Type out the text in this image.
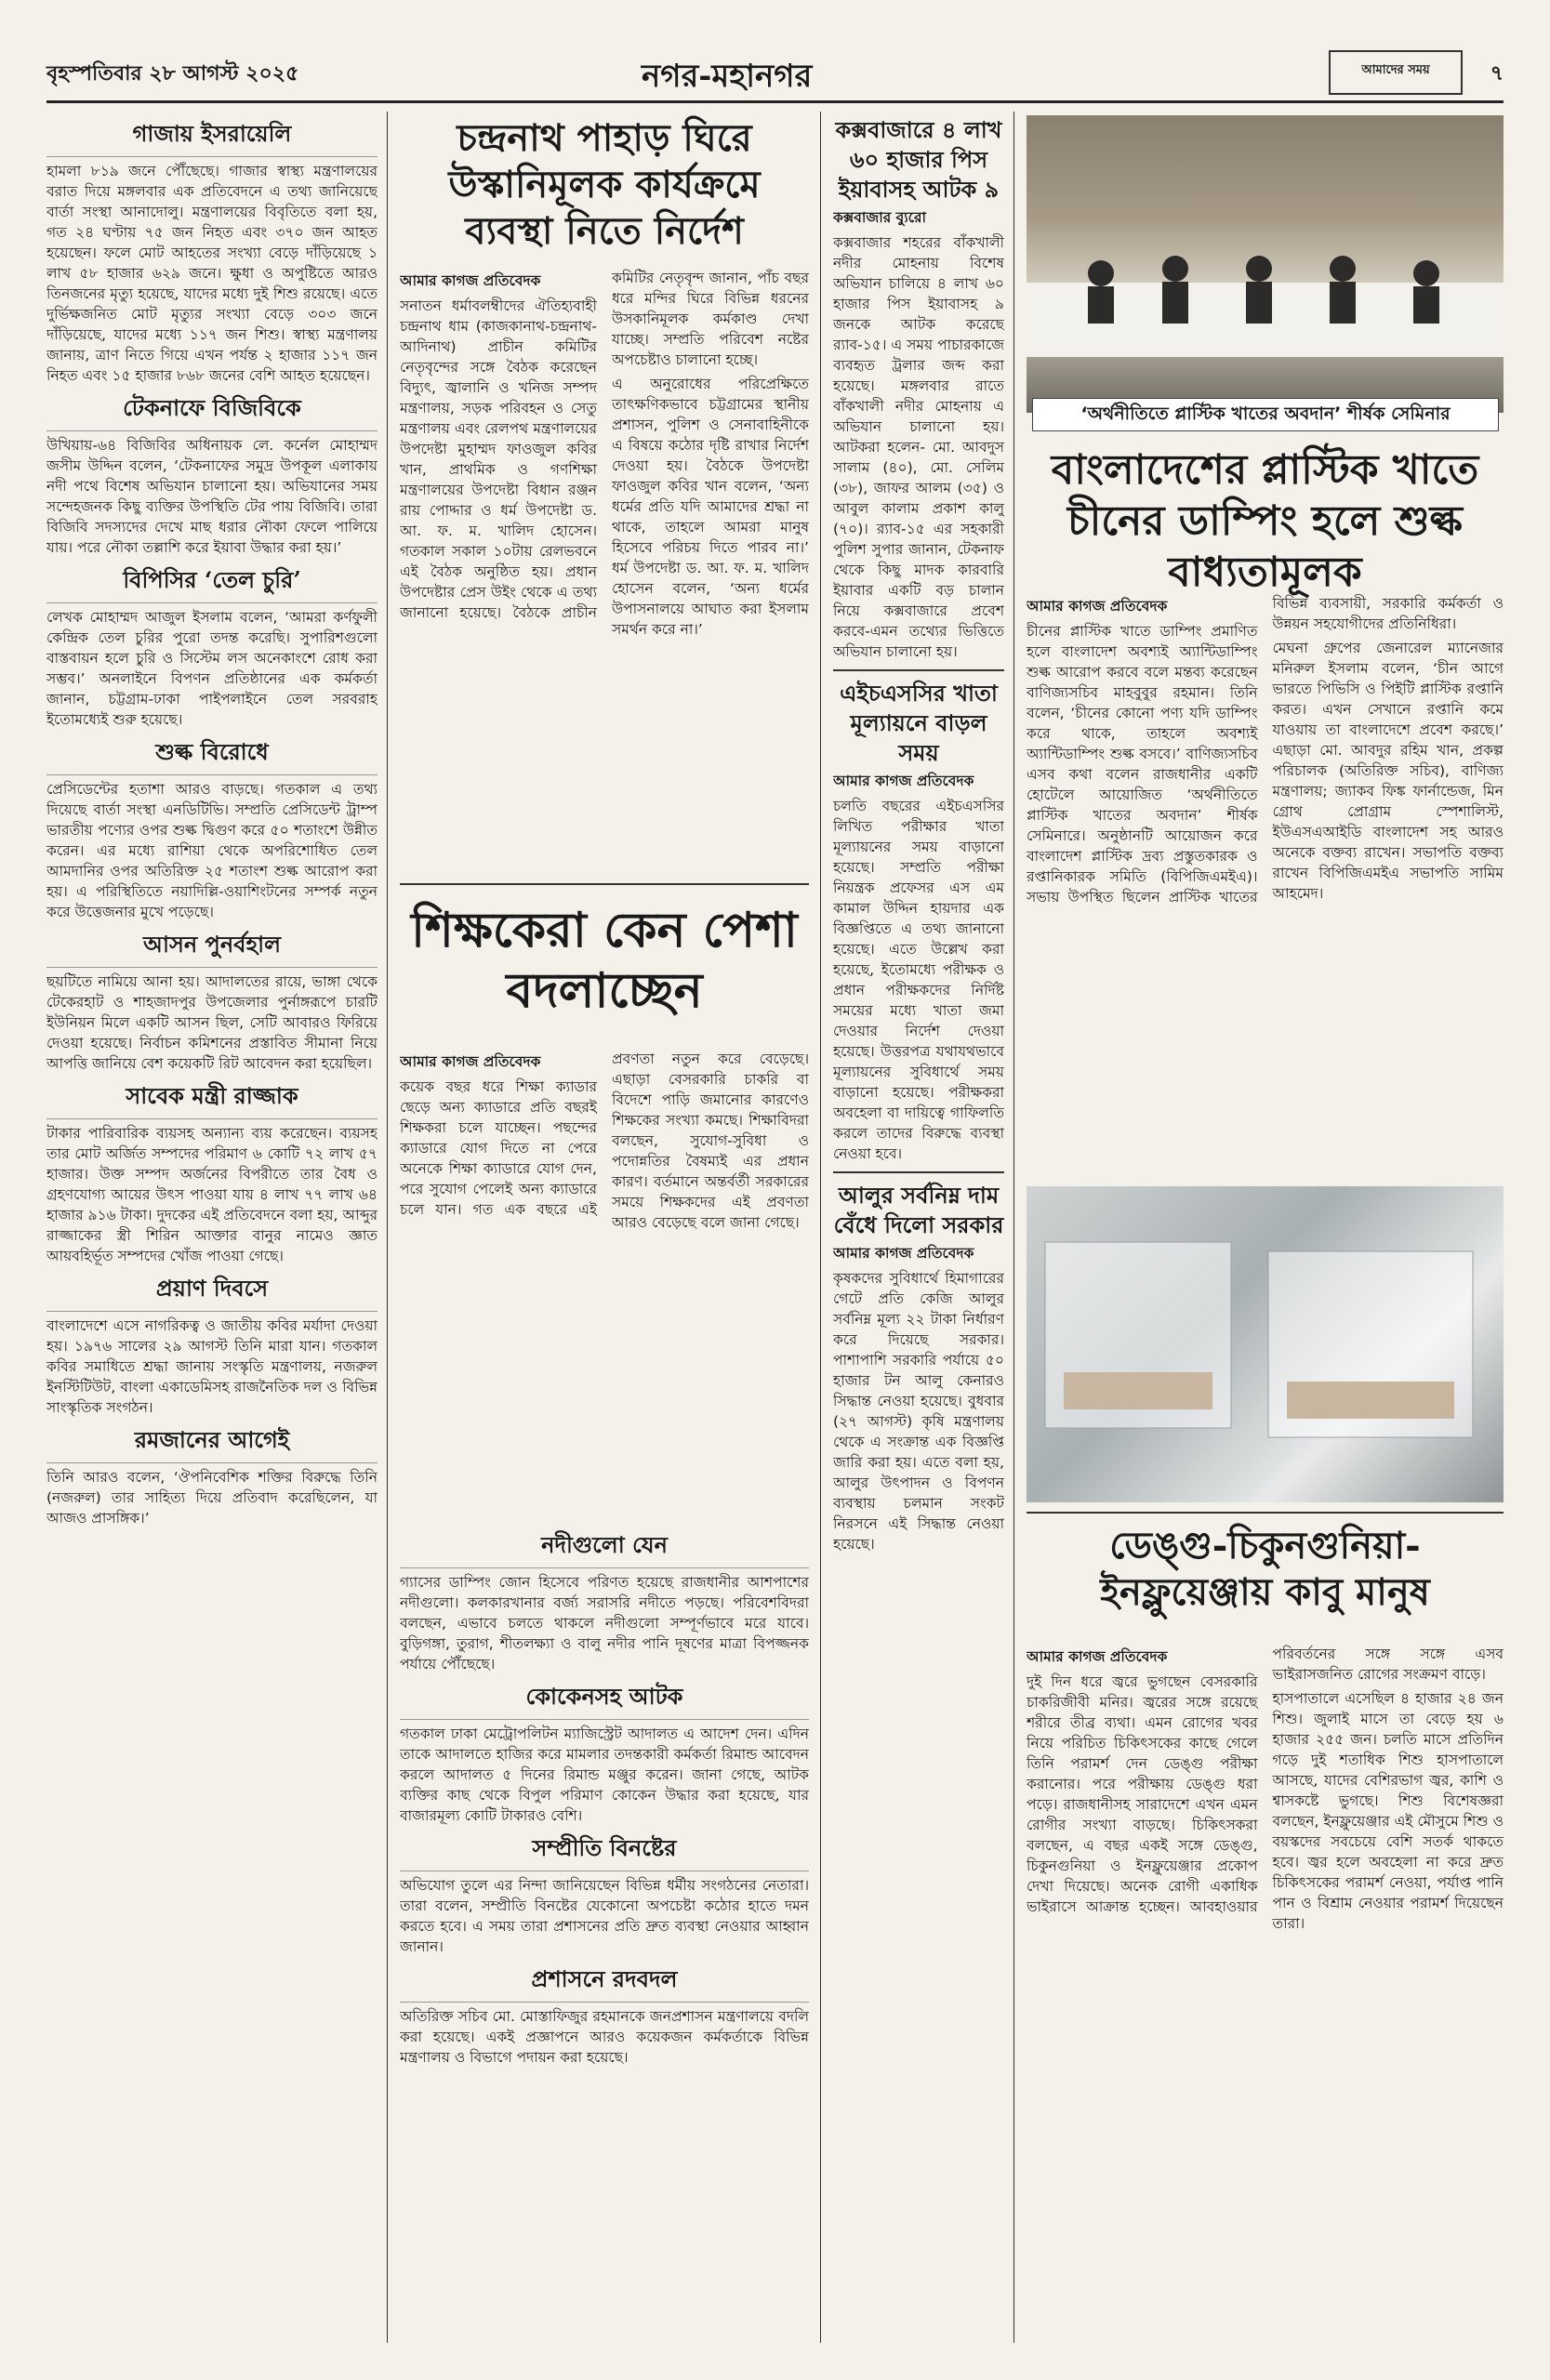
বৃহস্পতিবার ২৮ আগস্ট ২০২৫	নগর-মহানগর	আমাদের সময়	৭
গাজায় ইসরায়েলি

হামলা ৮১৯ জনে পৌঁছেছে। গাজার স্বাস্থ্য মন্ত্রণালয়ের বরাত দিয়ে মঙ্গলবার এক প্রতিবেদনে এ তথ্য জানিয়েছে বার্তা সংস্থা আনাদোলু। মন্ত্রণালয়ের বিবৃতিতে বলা হয়, গত ২৪ ঘণ্টায় ৭৫ জন নিহত এবং ৩৭০ জন আহত হয়েছেন। ফলে মোট আহতের সংখ্যা বেড়ে দাঁড়িয়েছে ১ লাখ ৫৮ হাজার ৬২৯ জনে। ক্ষুধা ও অপুষ্টিতে আরও তিনজনের মৃত্যু হয়েছে, যাদের মধ্যে দুই শিশু রয়েছে। এতে দুর্ভিক্ষজনিত মোট মৃত্যুর সংখ্যা বেড়ে ৩০৩ জনে দাঁড়িয়েছে, যাদের মধ্যে ১১৭ জন শিশু। স্বাস্থ্য মন্ত্রণালয় জানায়, ত্রাণ নিতে গিয়ে এখন পর্যন্ত ২ হাজার ১১৭ জন নিহত এবং ১৫ হাজার ৮৬৮ জনের বেশি আহত হয়েছেন।

টেকনাফে বিজিবিকে

উখিয়ায়-৬৪ বিজিবির অধিনায়ক লে. কর্নেল মোহাম্মদ জসীম উদ্দিন বলেন, ‘টেকনাফের সমুদ্র উপকূল এলাকায় নদী পথে বিশেষ অভিযান চালানো হয়। অভিযানের সময় সন্দেহজনক কিছু ব্যক্তির উপস্থিতি টের পায় বিজিবি। তারা বিজিবি সদস্যদের দেখে মাছ ধরার নৌকা ফেলে পালিয়ে যায়। পরে নৌকা তল্লাশি করে ইয়াবা উদ্ধার করা হয়।’

বিপিসির ‘তেল চুরি’

লেখক মোহাম্মদ আজুল ইসলাম বলেন, ‘আমরা কর্ণফুলী কেন্দ্রিক তেল চুরির পুরো তদন্ত করেছি। সুপারিশগুলো বাস্তবায়ন হলে চুরি ও সিস্টেম লস অনেকাংশে রোধ করা সম্ভব।’ অনলাইনে বিপণন প্রতিষ্ঠানের এক কর্মকর্তা জানান, চট্টগ্রাম-ঢাকা পাইপলাইনে তেল সরবরাহ ইতোমধ্যেই শুরু হয়েছে।

শুল্ক বিরোধে

প্রেসিডেন্টের হতাশা আরও বাড়ছে। গতকাল এ তথ্য দিয়েছে বার্তা সংস্থা এনডিটিভি। সম্প্রতি প্রেসিডেন্ট ট্রাম্প ভারতীয় পণ্যের ওপর শুল্ক দ্বিগুণ করে ৫০ শতাংশে উন্নীত করেন। এর মধ্যে রাশিয়া থেকে অপরিশোধিত তেল আমদানির ওপর অতিরিক্ত ২৫ শতাংশ শুল্ক আরোপ করা হয়। এ পরিস্থিতিতে নয়াদিল্লি-ওয়াশিংটনের সম্পর্ক নতুন করে উত্তেজনার মুখে পড়েছে।

আসন পুনর্বহাল

ছয়টিতে নামিয়ে আনা হয়। আদালতের রায়ে, ভাঙ্গা থেকে টেকেরহাট ও শাহজাদপুর উপজেলার পুর্নাঙ্গরূপে চারটি ইউনিয়ন মিলে একটি আসন ছিল, সেটি আবারও ফিরিয়ে দেওয়া হয়েছে। নির্বাচন কমিশনের প্রস্তাবিত সীমানা নিয়ে আপত্তি জানিয়ে বেশ কয়েকটি রিট আবেদন করা হয়েছিল।

সাবেক মন্ত্রী রাজ্জাক

টাকার পারিবারিক ব্যয়সহ অন্যান্য ব্যয় করেছেন। ব্যয়সহ তার মোট অর্জিত সম্পদের পরিমাণ ৬ কোটি ৭২ লাখ ৫৭ হাজার। উক্ত সম্পদ অর্জনের বিপরীতে তার বৈধ ও গ্রহণযোগ্য আয়ের উৎস পাওয়া যায় ৪ লাখ ৭৭ লাখ ৬৪ হাজার ৯১৬ টাকা। দুদকের এই প্রতিবেদনে বলা হয়, আব্দুর রাজ্জাকের স্ত্রী শিরিন আক্তার বানুর নামেও জ্ঞাত আয়বহির্ভূত সম্পদের খোঁজ পাওয়া গেছে।

প্রয়াণ দিবসে

বাংলাদেশে এসে নাগরিকত্ব ও জাতীয় কবির মর্যাদা দেওয়া হয়। ১৯৭৬ সালের ২৯ আগস্ট তিনি মারা যান। গতকাল কবির সমাধিতে শ্রদ্ধা জানায় সংস্কৃতি মন্ত্রণালয়, নজরুল ইনস্টিটিউট, বাংলা একাডেমিসহ রাজনৈতিক দল ও বিভিন্ন সাংস্কৃতিক সংগঠন।

রমজানের আগেই

তিনি আরও বলেন, ‘ঔপনিবেশিক শক্তির বিরুদ্ধে তিনি (নজরুল) তার সাহিত্য দিয়ে প্রতিবাদ করেছিলেন, যা আজও প্রাসঙ্গিক।’

চন্দ্রনাথ পাহাড় ঘিরে উস্কানিমূলক কার্যক্রমে ব্যবস্থা নিতে নির্দেশ

আমার কাগজ প্রতিবেদক

সনাতন ধর্মাবলম্বীদের ঐতিহ্যবাহী চন্দ্রনাথ ধাম (কাজকানাথ-চন্দ্রনাথ-আদিনাথ) প্রাচীন কমিটির নেতৃবৃন্দের সঙ্গে বৈঠক করেছেন বিদ্যুৎ, জ্বালানি ও খনিজ সম্পদ মন্ত্রণালয়, সড়ক পরিবহন ও সেতু মন্ত্রণালয় এবং রেলপথ মন্ত্রণালয়ের উপদেষ্টা মুহাম্মদ ফাওজুল কবির খান, প্রাথমিক ও গণশিক্ষা মন্ত্রণালয়ের উপদেষ্টা বিধান রঞ্জন রায় পোদ্দার ও ধর্ম উপদেষ্টা ড. আ. ফ. ম. খালিদ হোসেন। গতকাল সকাল ১০টায় রেলভবনে এই বৈঠক অনুষ্ঠিত হয়। প্রধান উপদেষ্টার প্রেস উইং থেকে এ তথ্য জানানো হয়েছে। বৈঠকে প্রাচীন কমিটির নেতৃবৃন্দ জানান, পাঁচ বছর ধরে মন্দির ঘিরে বিভিন্ন ধরনের উসকানিমূলক কর্মকাণ্ড দেখা যাচ্ছে। সম্প্রতি পরিবেশ নষ্টের অপচেষ্টাও চালানো হচ্ছে।

এ অনুরোধের পরিপ্রেক্ষিতে তাৎক্ষণিকভাবে চট্টগ্রামের স্থানীয় প্রশাসন, পুলিশ ও সেনাবাহিনীকে এ বিষয়ে কঠোর দৃষ্টি রাখার নির্দেশ দেওয়া হয়। বৈঠকে উপদেষ্টা ফাওজুল কবির খান বলেন, ‘অন্য ধর্মের প্রতি যদি আমাদের শ্রদ্ধা না থাকে, তাহলে আমরা মানুষ হিসেবে পরিচয় দিতে পারব না।’ ধর্ম উপদেষ্টা ড. আ. ফ. ম. খালিদ হোসেন বলেন, ‘অন্য ধর্মের উপাসনালয়ে আঘাত করা ইসলাম সমর্থন করে না।’

শিক্ষকেরা কেন পেশা বদলাচ্ছেন

আমার কাগজ প্রতিবেদক

কয়েক বছর ধরে শিক্ষা ক্যাডার ছেড়ে অন্য ক্যাডারে প্রতি বছরই শিক্ষকরা চলে যাচ্ছেন। পছন্দের ক্যাডারে যোগ দিতে না পেরে অনেকে শিক্ষা ক্যাডারে যোগ দেন, পরে সুযোগ পেলেই অন্য ক্যাডারে চলে যান। গত এক বছরে এই প্রবণতা নতুন করে বেড়েছে। এছাড়া বেসরকারি চাকরি বা বিদেশে পাড়ি জমানোর কারণেও শিক্ষকের সংখ্যা কমছে। শিক্ষাবিদরা বলছেন, সুযোগ-সুবিধা ও পদোন্নতির বৈষম্যই এর প্রধান কারণ। বর্তমানে অন্তর্বর্তী সরকারের সময়ে শিক্ষকদের এই প্রবণতা আরও বেড়েছে বলে জানা গেছে।

নদীগুলো যেন

গ্যাসের ডাম্পিং জোন হিসেবে পরিণত হয়েছে রাজধানীর আশপাশের নদীগুলো। কলকারখানার বর্জ্য সরাসরি নদীতে পড়ছে। পরিবেশবিদরা বলছেন, এভাবে চলতে থাকলে নদীগুলো সম্পূর্ণভাবে মরে যাবে। বুড়িগঙ্গা, তুরাগ, শীতলক্ষ্যা ও বালু নদীর পানি দূষণের মাত্রা বিপজ্জনক পর্যায়ে পৌঁছেছে।

কোকেনসহ আটক

গতকাল ঢাকা মেট্রোপলিটন ম্যাজিস্ট্রেট আদালত এ আদেশ দেন। এদিন তাকে আদালতে হাজির করে মামলার তদন্তকারী কর্মকর্তা রিমান্ড আবেদন করলে আদালত ৫ দিনের রিমান্ড মঞ্জুর করেন। জানা গেছে, আটক ব্যক্তির কাছ থেকে বিপুল পরিমাণ কোকেন উদ্ধার করা হয়েছে, যার বাজারমূল্য কোটি টাকারও বেশি।

সম্প্রীতি বিনষ্টের

অভিযোগ তুলে এর নিন্দা জানিয়েছেন বিভিন্ন ধর্মীয় সংগঠনের নেতারা। তারা বলেন, সম্প্রীতি বিনষ্টের যেকোনো অপচেষ্টা কঠোর হাতে দমন করতে হবে। এ সময় তারা প্রশাসনের প্রতি দ্রুত ব্যবস্থা নেওয়ার আহ্বান জানান।

প্রশাসনে রদবদল

অতিরিক্ত সচিব মো. মোস্তাফিজুর রহমানকে জনপ্রশাসন মন্ত্রণালয়ে বদলি করা হয়েছে। একই প্রজ্ঞাপনে আরও কয়েকজন কর্মকর্তাকে বিভিন্ন মন্ত্রণালয় ও বিভাগে পদায়ন করা হয়েছে।

কক্সবাজারে ৪ লাখ ৬০ হাজার পিস ইয়াবাসহ আটক ৯

কক্সবাজার ব্যুরো

কক্সবাজার শহরের বাঁকখালী নদীর মোহনায় বিশেষ অভিযান চালিয়ে ৪ লাখ ৬০ হাজার পিস ইয়াবাসহ ৯ জনকে আটক করেছে র‌্যাব-১৫। এ সময় পাচারকাজে ব্যবহৃত ট্রলার জব্দ করা হয়েছে। মঙ্গলবার রাতে বাঁকখালী নদীর মোহনায় এ অভিযান চালানো হয়। আটকরা হলেন- মো. আবদুস সালাম (৪০), মো. সেলিম (৩৮), জাফর আলম (৩৫) ও আবুল কালাম প্রকাশ কালু (৭০)। র‌্যাব-১৫ এর সহকারী পুলিশ সুপার জানান, টেকনাফ থেকে কিছু মাদক কারবারি ইয়াবার একটি বড় চালান নিয়ে কক্সবাজারে প্রবেশ করবে-এমন তথ্যের ভিত্তিতে অভিযান চালানো হয়।

এইচএসসির খাতা মূল্যায়নে বাড়ল সময়

আমার কাগজ প্রতিবেদক

চলতি বছরের এইচএসসির লিখিত পরীক্ষার খাতা মূল্যায়নের সময় বাড়ানো হয়েছে। সম্প্রতি পরীক্ষা নিয়ন্ত্রক প্রফেসর এস এম কামাল উদ্দিন হায়দার এক বিজ্ঞপ্তিতে এ তথ্য জানানো হয়েছে। এতে উল্লেখ করা হয়েছে, ইতোমধ্যে পরীক্ষক ও প্রধান পরীক্ষকদের নির্দিষ্ট সময়ের মধ্যে খাতা জমা দেওয়ার নির্দেশ দেওয়া হয়েছে। উত্তরপত্র যথাযথভাবে মূল্যায়নের সুবিধার্থে সময় বাড়ানো হয়েছে। পরীক্ষকরা অবহেলা বা দায়িত্বে গাফিলতি করলে তাদের বিরুদ্ধে ব্যবস্থা নেওয়া হবে।

আলুর সর্বনিম্ন দাম বেঁধে দিলো সরকার

আমার কাগজ প্রতিবেদক

কৃষকদের সুবিধার্থে হিমাগারের গেটে প্রতি কেজি আলুর সর্বনিম্ন মূল্য ২২ টাকা নির্ধারণ করে দিয়েছে সরকার। পাশাপাশি সরকারি পর্যায়ে ৫০ হাজার টন আলু কেনারও সিদ্ধান্ত নেওয়া হয়েছে। বুধবার (২৭ আগস্ট) কৃষি মন্ত্রণালয় থেকে এ সংক্রান্ত এক বিজ্ঞপ্তি জারি করা হয়। এতে বলা হয়, আলুর উৎপাদন ও বিপণন ব্যবস্থায় চলমান সংকট নিরসনে এই সিদ্ধান্ত নেওয়া হয়েছে।

‘অর্থনীতিতে প্লাস্টিক খাতের অবদান’ শীর্ষক সেমিনার
বাংলাদেশের প্লাস্টিক খাতে চীনের ডাম্পিং হলে শুল্ক বাধ্যতামূলক

আমার কাগজ প্রতিবেদক

চীনের প্লাস্টিক খাতে ডাম্পিং প্রমাণিত হলে বাংলাদেশ অবশ্যই অ্যান্টিডাম্পিং শুল্ক আরোপ করবে বলে মন্তব্য করেছেন বাণিজ্যসচিব মাহবুবুর রহমান। তিনি বলেন, ‘চীনের কোনো পণ্য যদি ডাম্পিং করে থাকে, তাহলে অবশ্যই অ্যান্টিডাম্পিং শুল্ক বসবে।’ বাণিজ্যসচিব এসব কথা বলেন রাজধানীর একটি হোটেলে আয়োজিত ‘অর্থনীতিতে প্লাস্টিক খাতের অবদান’ শীর্ষক সেমিনারে। অনুষ্ঠানটি আয়োজন করে বাংলাদেশ প্লাস্টিক দ্রব্য প্রস্তুতকারক ও রপ্তানিকারক সমিতি (বিপিজিএমইএ)। সভায় উপস্থিত ছিলেন প্রাস্টিক খাতের বিভিন্ন ব্যবসায়ী, সরকারি কর্মকর্তা ও উন্নয়ন সহযোগীদের প্রতিনিধিরা।

মেঘনা গ্রুপের জেনারেল ম্যানেজার মনিরুল ইসলাম বলেন, ‘চীন আগে ভারতে পিভিসি ও পিইটি প্লাস্টিক রপ্তানি করত। এখন সেখানে রপ্তানি কমে যাওয়ায় তা বাংলাদেশে প্রবেশ করছে।’ এছাড়া মো. আবদুর রহিম খান, প্রকল্প পরিচালক (অতিরিক্ত সচিব), বাণিজ্য মন্ত্রণালয়; জ্যাকব ফিঙ্ক ফার্নান্ডেজ, মিন গ্রোথ প্রোগ্রাম স্পেশালিস্ট, ইউএসএআইডি বাংলাদেশ সহ আরও অনেকে বক্তব্য রাখেন। সভাপতি বক্তব্য রাখেন বিপিজিএমইএ সভাপতি সামিম আহমেদ।

ডেঙ্গু-চিকুনগুনিয়া-ইনফ্লুয়েঞ্জায় কাবু মানুষ

আমার কাগজ প্রতিবেদক

দুই দিন ধরে জ্বরে ভুগছেন বেসরকারি চাকরিজীবী মনির। জ্বরের সঙ্গে রয়েছে শরীরে তীব্র ব্যথা। এমন রোগের খবর নিয়ে পরিচিত চিকিৎসকের কাছে গেলে তিনি পরামর্শ দেন ডেঙ্গু পরীক্ষা করানোর। পরে পরীক্ষায় ডেঙ্গু ধরা পড়ে। রাজধানীসহ সারাদেশে এখন এমন রোগীর সংখ্যা বাড়ছে। চিকিৎসকরা বলছেন, এ বছর একই সঙ্গে ডেঙ্গু, চিকুনগুনিয়া ও ইনফ্লুয়েঞ্জার প্রকোপ দেখা দিয়েছে। অনেক রোগী একাধিক ভাইরাসে আক্রান্ত হচ্ছেন। আবহাওয়ার পরিবর্তনের সঙ্গে সঙ্গে এসব ভাইরাসজনিত রোগের সংক্রমণ বাড়ে।

হাসপাতালে এসেছিল ৪ হাজার ২৪ জন শিশু। জুলাই মাসে তা বেড়ে হয় ৬ হাজার ২৫৫ জন। চলতি মাসে প্রতিদিন গড়ে দুই শতাধিক শিশু হাসপাতালে আসছে, যাদের বেশিরভাগ জ্বর, কাশি ও শ্বাসকষ্টে ভুগছে। শিশু বিশেষজ্ঞরা বলছেন, ইনফ্লুয়েঞ্জার এই মৌসুমে শিশু ও বয়স্কদের সবচেয়ে বেশি সতর্ক থাকতে হবে। জ্বর হলে অবহেলা না করে দ্রুত চিকিৎসকের পরামর্শ নেওয়া, পর্যাপ্ত পানি পান ও বিশ্রাম নেওয়ার পরামর্শ দিয়েছেন তারা।
